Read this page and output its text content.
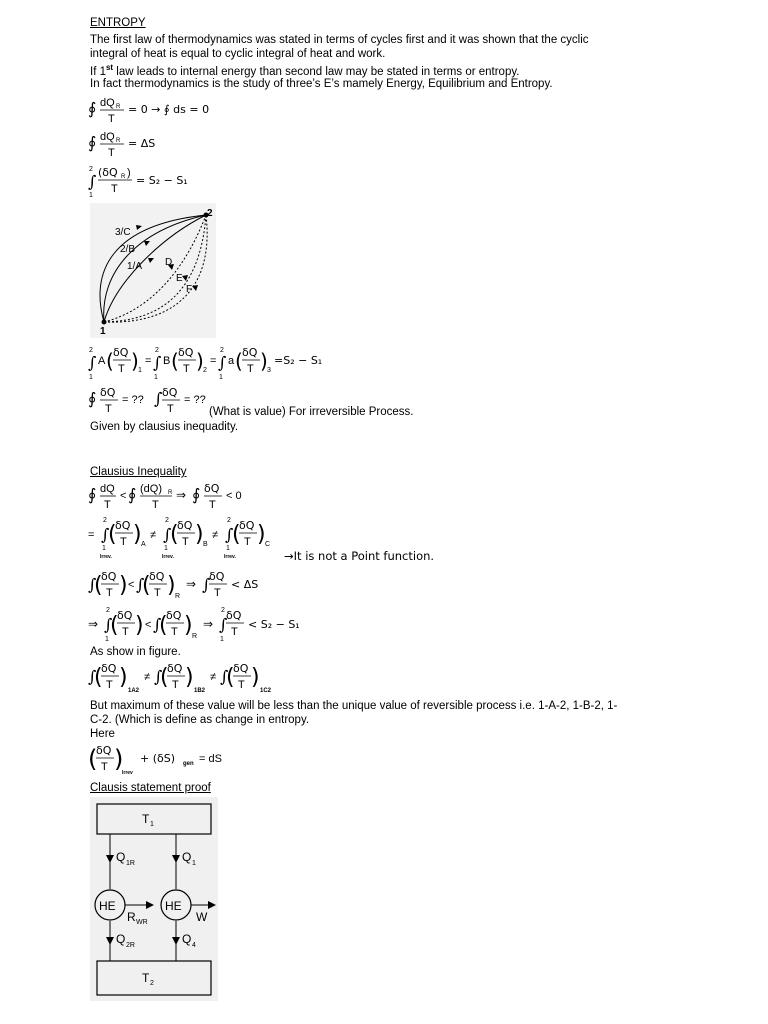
ENTROPY
The first law of thermodynamics was stated in terms of cycles first and it was shown that the cyclic
integral of heat is equal to cyclic integral of heat and work.
If 1st law leads to internal energy than second law may be stated in terms or entropy.
In fact thermodynamics is the study of three’s E’s mamely Energy, Equilibrium and Entropy.
∮ dQ R
T
= 0 → ∮ ds = 0
∮ dQ R
T
= ΔS
2
∫
1
(δQ R )
T
= S₂ − S₁
1
2
3/C
2/B
1/A D
E
F
2
∫
1
A ( δQ
T ) 1
=
2
∫
1
B ( δQ
T ) 2
=
2
∫
1
a ( δQ
T ) 3
=S₂ − S₁
∮ δQ
T
= ?? ∫ δQ
T
= ??
(What is value) For irreversible Process.
Given by clausius inequadity.
Clausius Inequality
∮ dQ
T
< ∮ (dQ) R
T
⇒ ∮ δQ
T
< 0
=
2
∫
1
(
δQ
T ) A
Irrev.
≠
2
∫
1
(
δQ
T ) B
Irrev.
≠
2
∫
1
(
δQ
T ) C
Irrev.	→It is not a Point function.
∫
(
δQ
T ) < ∫
(
δQ
T ) R
⇒ ∫
δQ
T
< ΔS
⇒
2
∫
1
(
δQ
T ) < ∫
(
δQ
T ) R
⇒
2
∫
1
δQ
T
< S₂ − S₁
As show in figure.
∫
(
δQ
T )
1A2
≠ ∫
(
δQ
T )
1B2
≠ ∫
(
δQ
T )
1C2
But maximum of these value will be less than the unique value of reversible process i.e. 1-A-2, 1-B-2, 1-
C-2. (Which is define as change in entropy.
Here
(
δQ
T )
Irrev
+ (δS) gen = dS
Clausis statement proof
T 1
T 2
HE	HE
Q 1R	Q 1
Q 2R	Q 4
R WR	W
